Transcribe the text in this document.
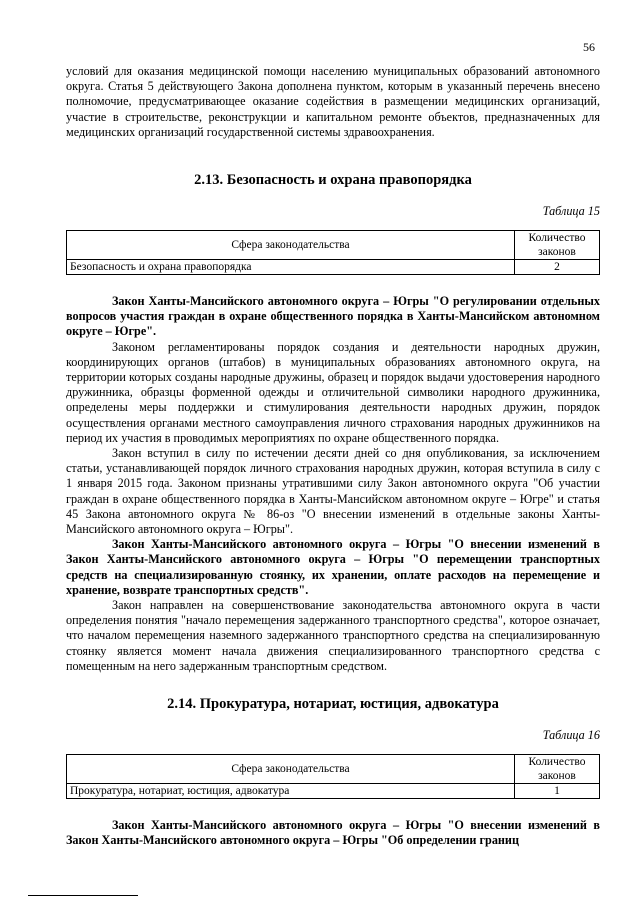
56

условий для оказания медицинской помощи населению муниципальных образований автономного округа. Статья 5 действующего Закона дополнена пунктом, которым в указанный перечень внесено полномочие, предусматривающее оказание содействия в размещении медицинских организаций, участие в строительстве, реконструкции и капитальном ремонте объектов, предназначенных для медицинских организаций государственной системы здравоохранения.

2.13. Безопасность и охрана правопорядка
Таблица 15
Сфера законодательства	Количество законов
Безопасность и охрана правопорядка	2

Закон Ханты-Мансийского автономного округа – Югры "О регулировании отдельных вопросов участия граждан в охране общественного порядка в Ханты-Мансийском автономном округе – Югре".

Законом регламентированы порядок создания и деятельности народных дружин, координирующих органов (штабов) в муниципальных образованиях автономного округа, на территории которых созданы народные дружины, образец и порядок выдачи удостоверения народного дружинника, образцы форменной одежды и отличительной символики народного дружинника, определены меры поддержки и стимулирования деятельности народных дружин, порядок осуществления органами местного самоуправления личного страхования народных дружинников на период их участия в проводимых мероприятиях по охране общественного порядка.

Закон вступил в силу по истечении десяти дней со дня опубликования, за исключением статьи, устанавливающей порядок личного страхования народных дружин, которая вступила в силу с 1 января 2015 года. Законом признаны утратившими силу Закон автономного округа "Об участии граждан в охране общественного порядка в Ханты-Мансийском автономном округе – Югре" и статья 45 Закона автономного округа № 86-оз "О внесении изменений в отдельные законы Ханты-Мансийского автономного округа – Югры".

Закон Ханты-Мансийского автономного округа – Югры "О внесении изменений в Закон Ханты-Мансийского автономного округа – Югры "О перемещении транспортных средств на специализированную стоянку, их хранении, оплате расходов на перемещение и хранение, возврате транспортных средств".

Закон направлен на совершенствование законодательства автономного округа в части определения понятия "начало перемещения задержанного транспортного средства", которое означает, что началом перемещения наземного задержанного транспортного средства на специализированную стоянку является момент начала движения специализированного транспортного средства с помещенным на него задержанным транспортным средством.

2.14. Прокуратура, нотариат, юстиция, адвокатура
Таблица 16
Сфера законодательства	Количество законов
Прокуратура, нотариат, юстиция, адвокатура	1

Закон Ханты-Мансийского автономного округа – Югры "О внесении изменений в Закон Ханты-Мансийского автономного округа – Югры "Об определении границ
